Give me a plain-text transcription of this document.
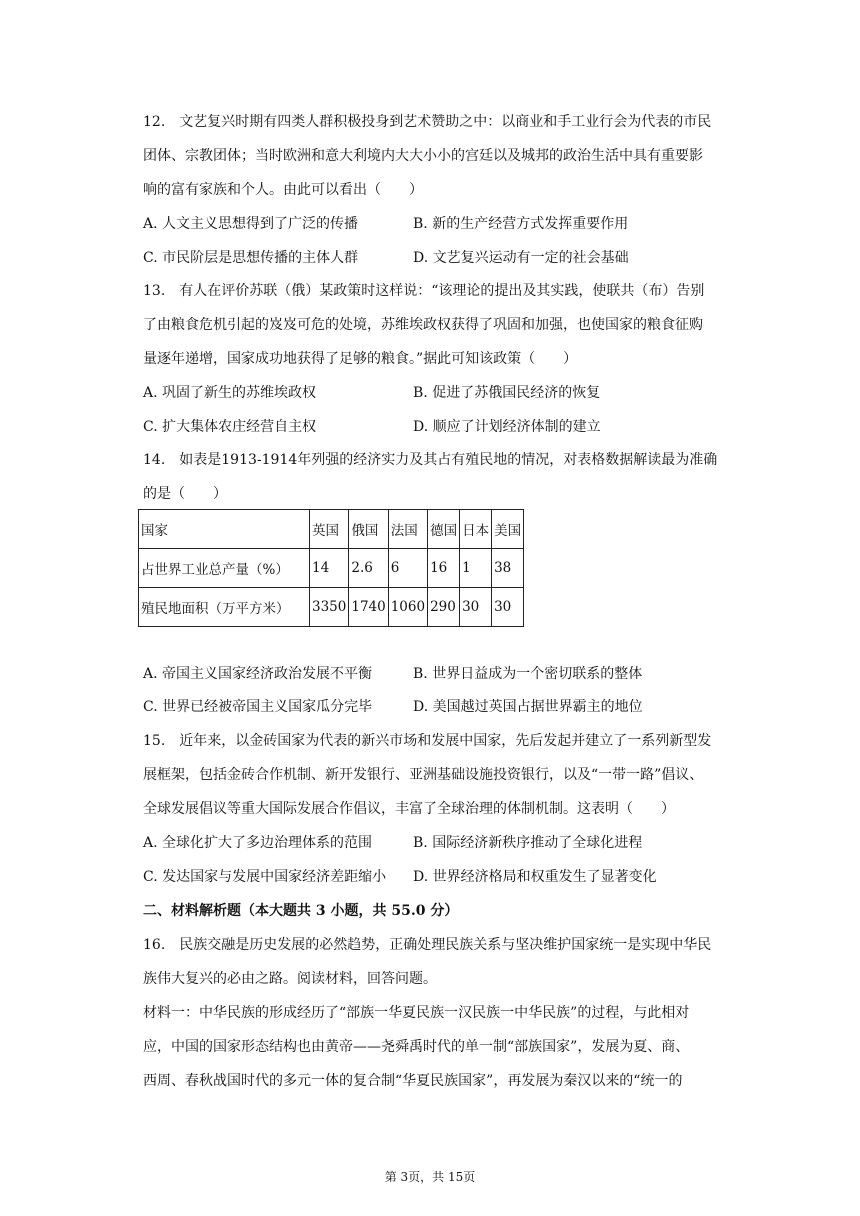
12.　文艺复兴时期有四类人群积极投身到艺术赞助之中：以商业和手工业行会为代表的市民
团体、宗教团体；当时欧洲和意大利境内大大小小的宫廷以及城邦的政治生活中具有重要影
响的富有家族和个人。由此可以看出（　　）
A. 人文主义思想得到了广泛的传播	B. 新的生产经营方式发挥重要作用
C. 市民阶层是思想传播的主体人群	D. 文艺复兴运动有一定的社会基础
13.　有人在评价苏联（俄）某政策时这样说：“该理论的提出及其实践，使联共（布）告别
了由粮食危机引起的岌岌可危的处境，苏维埃政权获得了巩固和加强，也使国家的粮食征购
量逐年递增，国家成功地获得了足够的粮食。”据此可知该政策（　　）
A. 巩固了新生的苏维埃政权	B. 促进了苏俄国民经济的恢复
C. 扩大集体农庄经营自主权	D. 顺应了计划经济体制的建立
14.　如表是1913-1914年列强的经济实力及其占有殖民地的情况，对表格数据解读最为准确
的是（　　）
国家	英国	俄国	法国	德国	日本	美国
占世界工业总产量（%）	14	2.6	6	16	1	38
殖民地面积（万平方米）	3350	1740	1060	290	30	30
A. 帝国主义国家经济政治发展不平衡	B. 世界日益成为一个密切联系的整体
C. 世界已经被帝国主义国家瓜分完毕	D. 美国越过英国占据世界霸主的地位
15.　近年来，以金砖国家为代表的新兴市场和发展中国家，先后发起并建立了一系列新型发
展框架，包括金砖合作机制、新开发银行、亚洲基础设施投资银行，以及“一带一路”倡议、
全球发展倡议等重大国际发展合作倡议，丰富了全球治理的体制机制。这表明（　　）
A. 全球化扩大了多边治理体系的范围	B. 国际经济新秩序推动了全球化进程
C. 发达国家与发展中国家经济差距缩小 D. 世界经济格局和权重发生了显著变化
二、材料解析题（本大题共 3 小题，共 55.0 分）
16.　民族交融是历史发展的必然趋势，正确处理民族关系与坚决维护国家统一是实现中华民
族伟大复兴的必由之路。阅读材料，回答问题。
材料一：中华民族的形成经历了“部族一华夏民族一汉民族一中华民族”的过程，与此相对
应，中国的国家形态结构也由黄帝——尧舜禹时代的单一制“部族国家”，发展为夏、商、
西周、春秋战国时代的多元一体的复合制“华夏民族国家”，再发展为秦汉以来的“统一的
第 3页，共 15页
